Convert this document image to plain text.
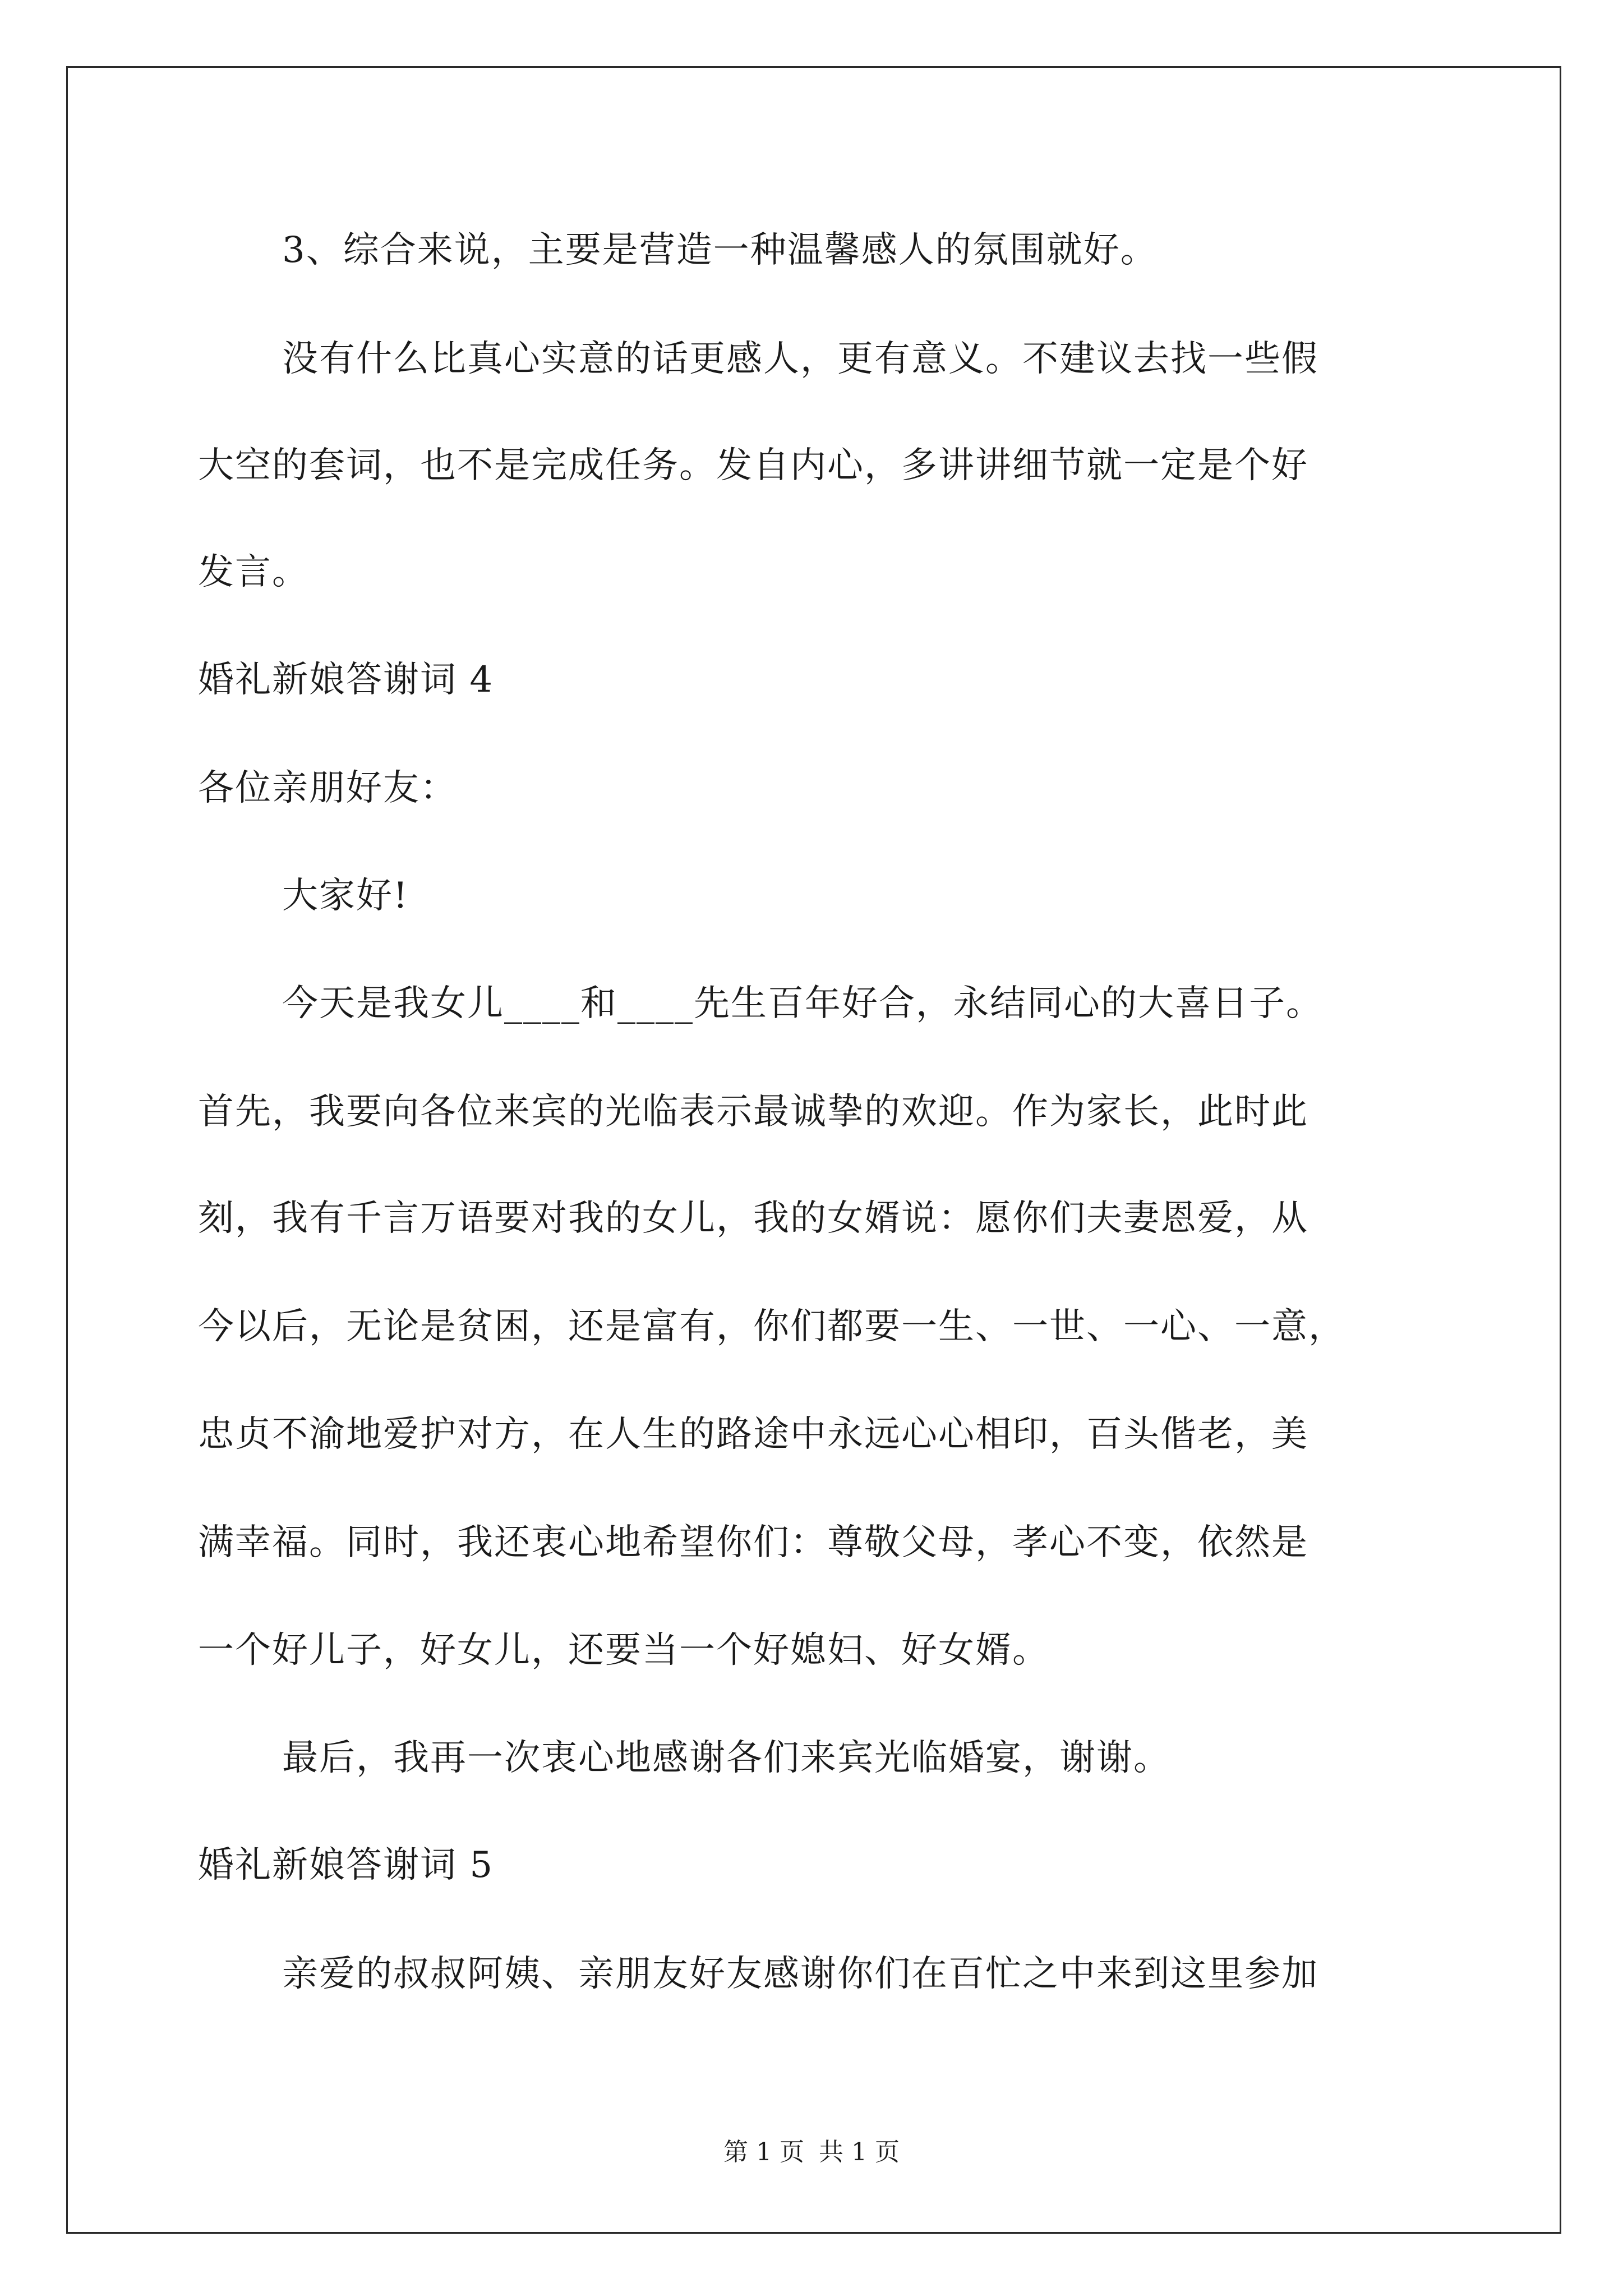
3、综合来说，主要是营造一种温馨感人的氛围就好。
没有什么比真心实意的话更感人，更有意义。不建议去找一些假
大空的套词，也不是完成任务。发自内心，多讲讲细节就一定是个好
发言。
婚礼新娘答谢词 4
各位亲朋好友：
大家好!
今天是我女儿____和____先生百年好合，永结同心的大喜日子。
首先，我要向各位来宾的光临表示最诚挚的欢迎。作为家长，此时此
刻，我有千言万语要对我的女儿，我的女婿说：愿你们夫妻恩爱，从
今以后，无论是贫困，还是富有，你们都要一生、一世、一心、一意，
忠贞不渝地爱护对方，在人生的路途中永远心心相印，百头偕老，美
满幸福。同时，我还衷心地希望你们：尊敬父母，孝心不变，依然是
一个好儿子，好女儿，还要当一个好媳妇、好女婿。
最后，我再一次衷心地感谢各们来宾光临婚宴，谢谢。
婚礼新娘答谢词 5
亲爱的叔叔阿姨、亲朋友好友感谢你们在百忙之中来到这里参加
第 1 页 共 1 页
